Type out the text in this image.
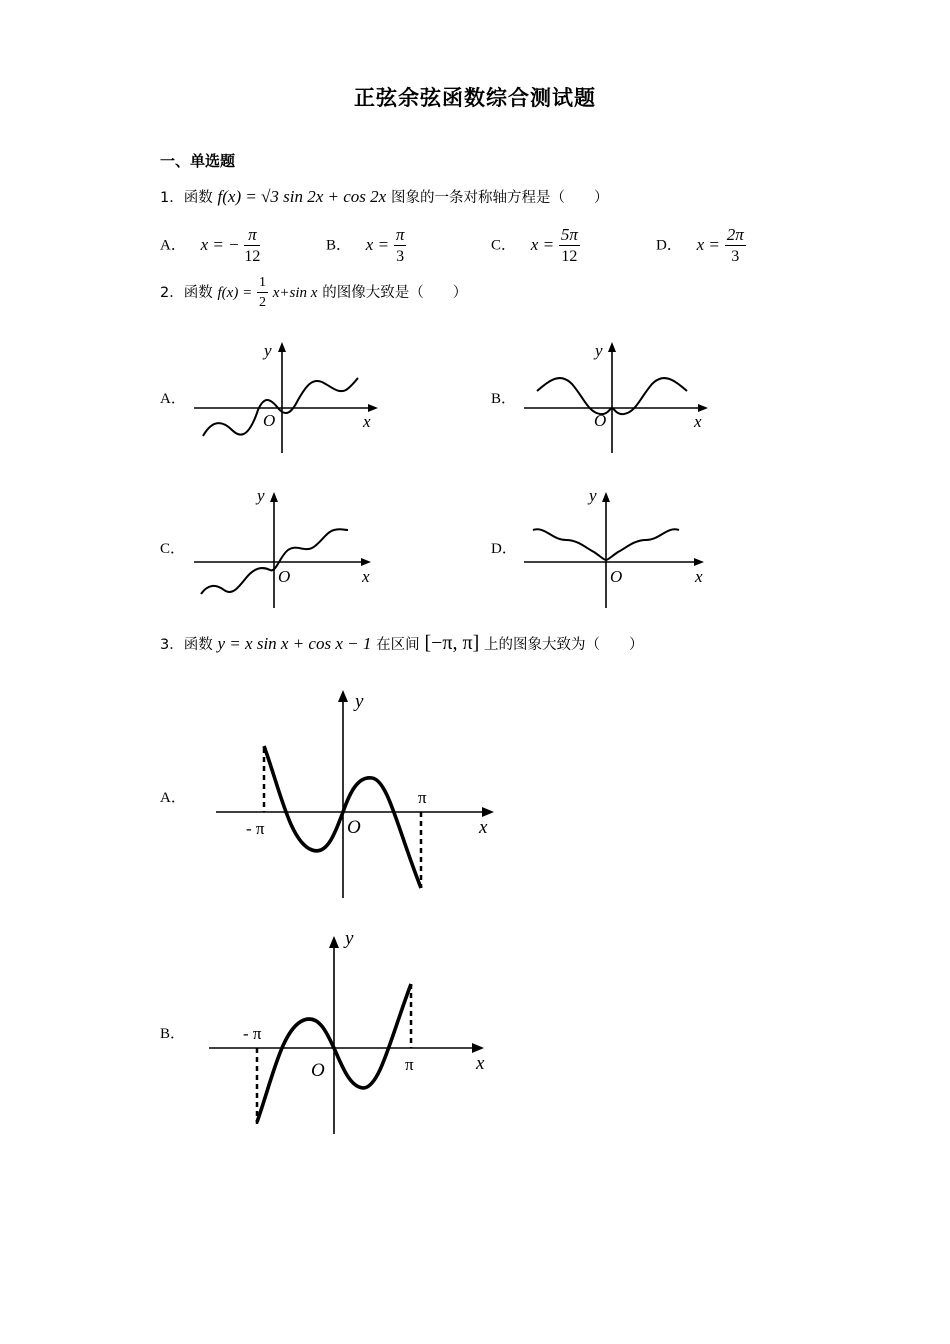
正弦余弦函数综合测试题
一、单选题
1．函数 f(x) = √3 sin 2x + cos 2x 图象的一条对称轴方程是（　　）
A． x = − $\frac{\pi}{12}$	B． $x = \frac{\pi}{3}$	C． $x = \frac{5\pi}{12}$	D． $x = \frac{2\pi}{3}$
2．函数 $f(x) = \frac{1}{2} x+\sin$ x 的图像大致是（　　）
A．	B．
C．	D．
y
O	x
y
O	x
y
O	x
y
O	x
y
O	x
π
- π
y
O	x
π
- π
3．函数 y = x sin x + cos x − 1 在区间 [−π, π] 上的图象大致为（　　）
A．
B．
